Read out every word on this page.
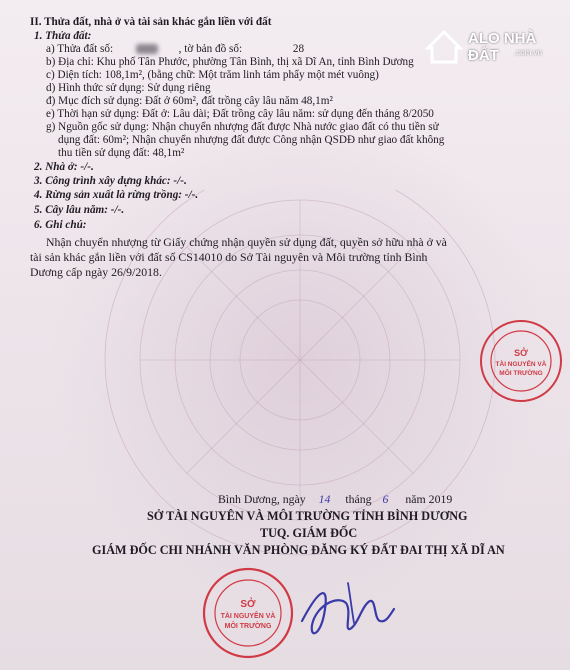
ALO NHÀ ĐẤT	.com.vn
II. Thửa đất, nhà ở và tài sản khác gắn liền với đất
1. Thửa đất:
a) Thửa đất số:	, tờ bản đồ số:	28
b) Địa chỉ: Khu phố Tân Phước, phường Tân Bình, thị xã Dĩ An, tỉnh Bình Dương
c) Diện tích: 108,1m², (bằng chữ: Một trăm linh tám phẩy một mét vuông)
d) Hình thức sử dụng: Sử dụng riêng
đ) Mục đích sử dụng: Đất ở 60m², đất trồng cây lâu năm 48,1m²
e) Thời hạn sử dụng: Đất ở: Lâu dài; Đất trồng cây lâu năm: sử dụng đến tháng 8/2050
g) Nguồn gốc sử dụng: Nhận chuyển nhượng đất được Nhà nước giao đất có thu tiền sử
dụng đất: 60m²; Nhận chuyển nhượng đất được Công nhận QSDĐ như giao đất không
thu tiền sử dụng đất: 48,1m²
2. Nhà ở: -/-.
3. Công trình xây dựng khác: -/-.
4. Rừng sản xuất là rừng trồng: -/-.
5. Cây lâu năm: -/-.
6. Ghi chú:
Nhận chuyển nhượng từ Giấy chứng nhận quyền sử dụng đất, quyền sở hữu nhà ở và
tài sản khác gắn liền với đất số CS14010 do Sở Tài nguyên và Môi trường tỉnh Bình
Dương cấp ngày 26/9/2018.
Bình Dương, ngày 14 tháng 6 năm 2019
SỞ TÀI NGUYÊN VÀ MÔI TRƯỜNG TỈNH BÌNH DƯƠNG
TUQ. GIÁM ĐỐC
GIÁM ĐỐC CHI NHÁNH VĂN PHÒNG ĐĂNG KÝ ĐẤT ĐAI THỊ XÃ DĨ AN
SỞ
TÀI NGUYÊN VÀ
MÔI TRƯỜNG
SỞ
TÀI NGUYÊN VÀ
MÔI TRƯỜNG
